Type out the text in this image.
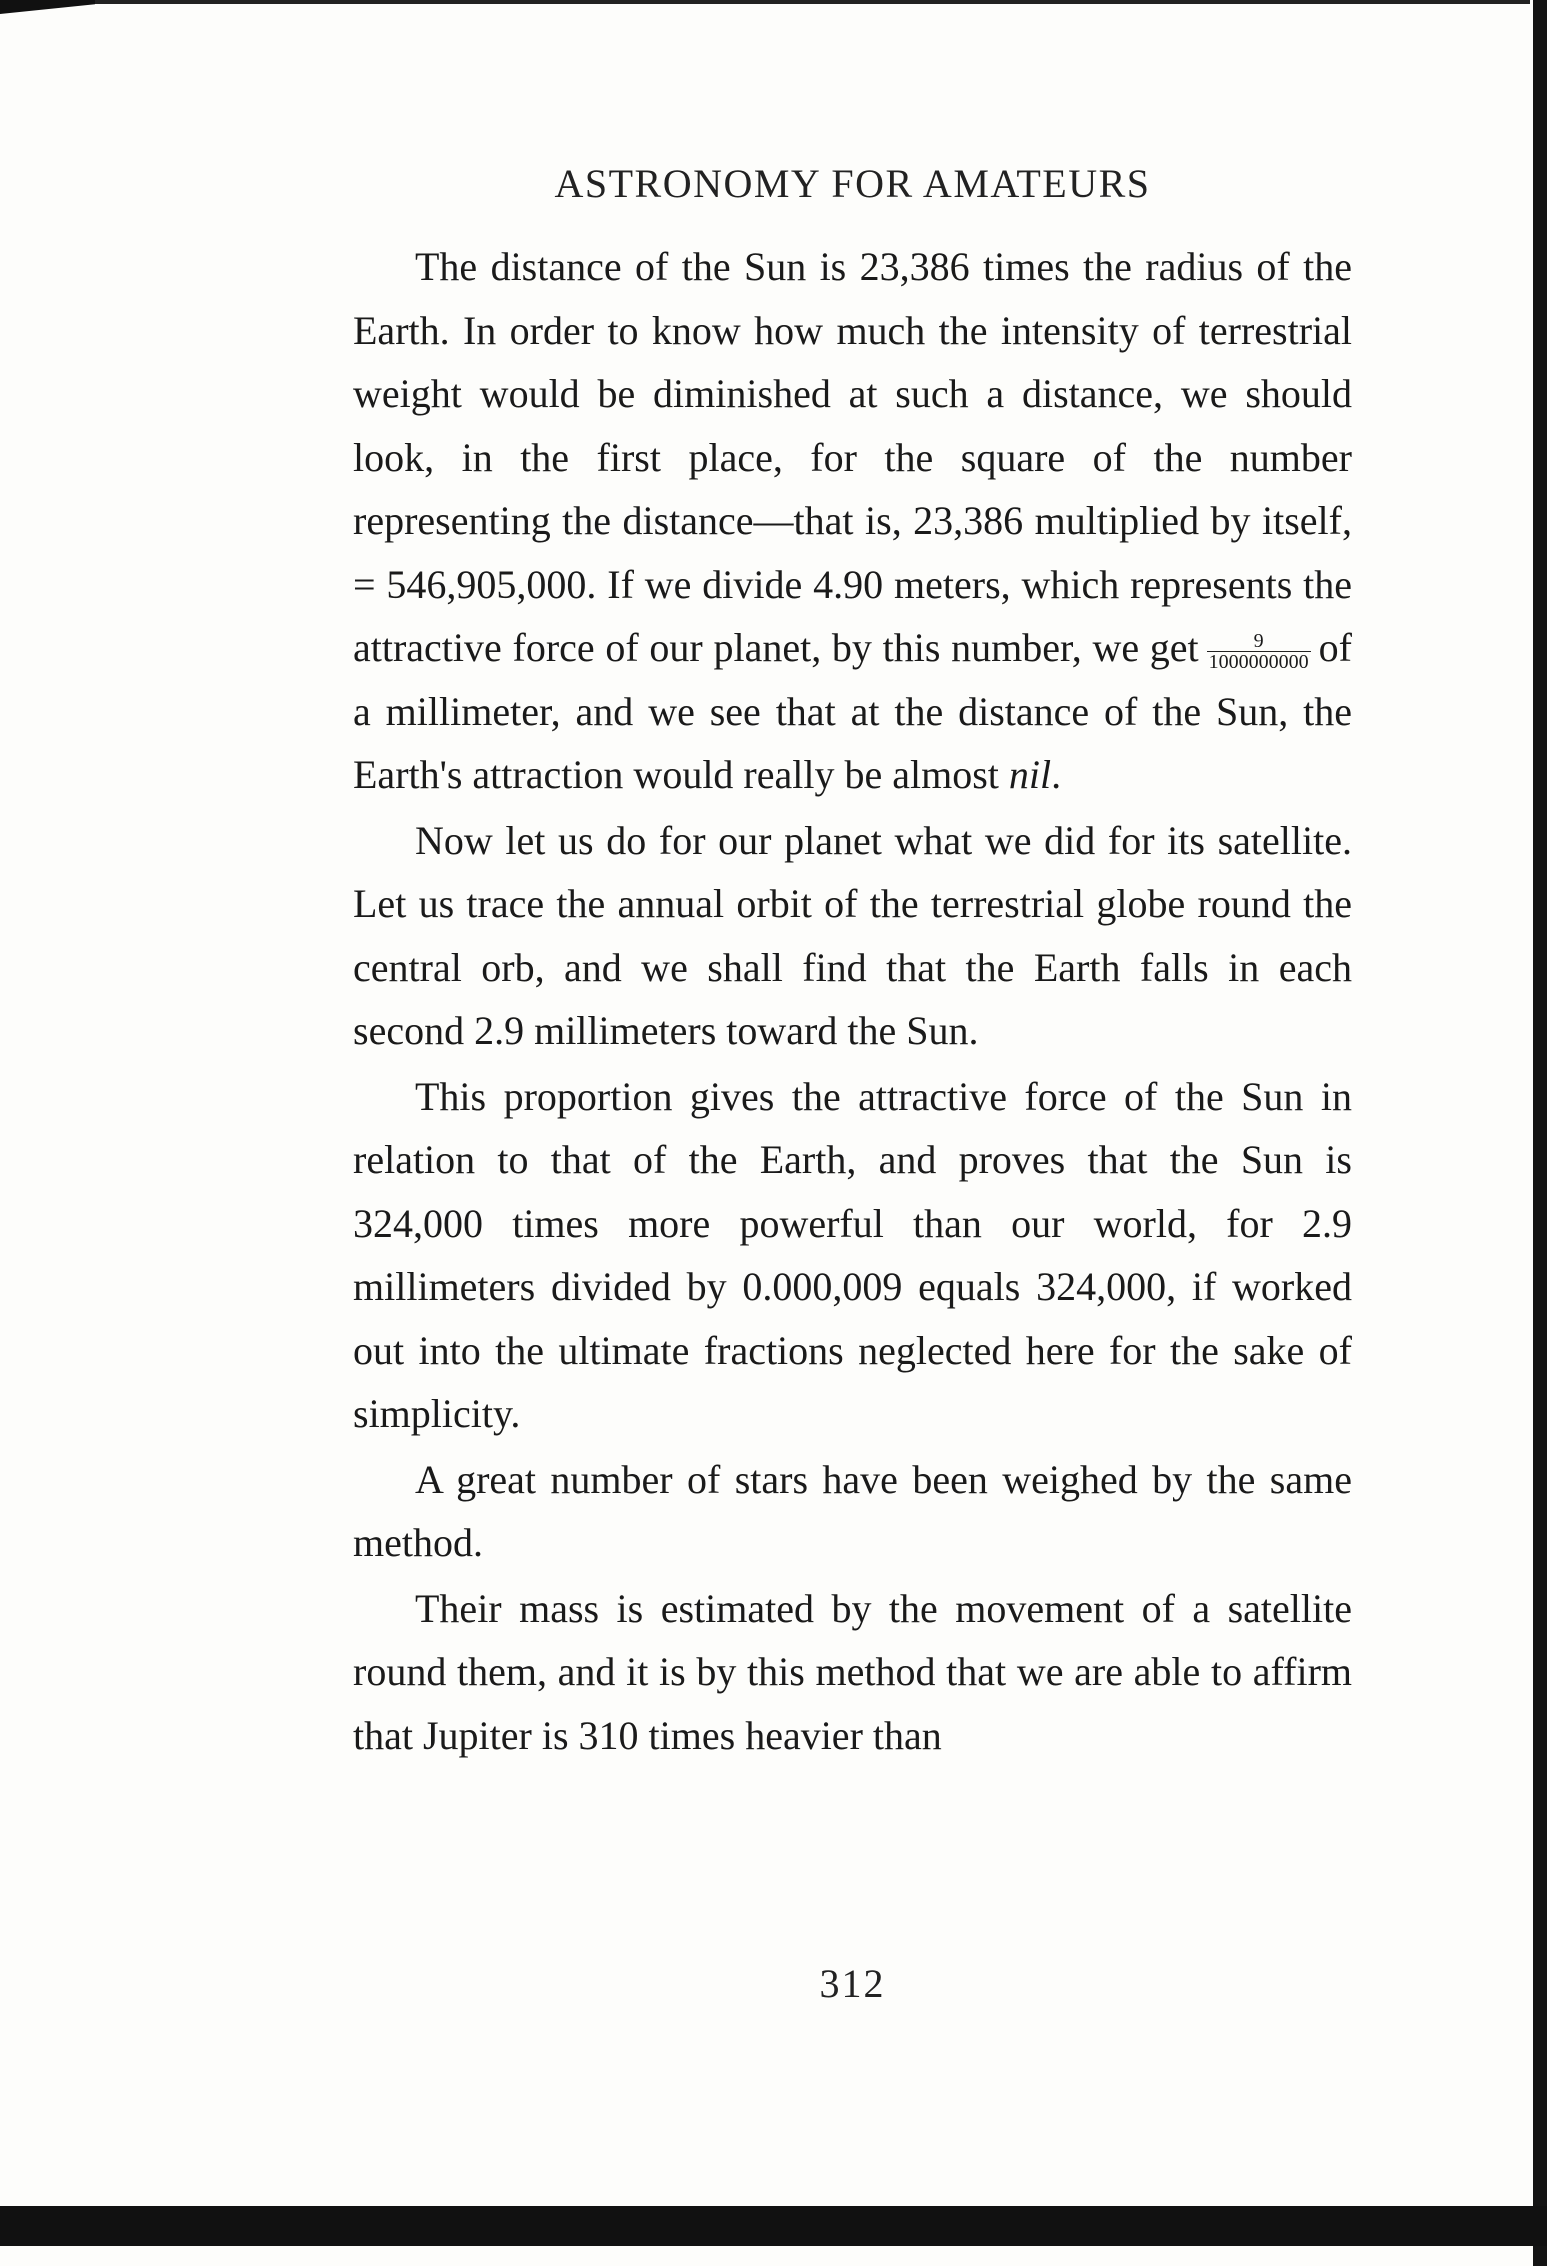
ASTRONOMY FOR AMATEURS

The distance of the Sun is 23,386 times the radius of the Earth. In order to know how much the intensity of terrestrial weight would be diminished at such a distance, we should look, in the first place, for the square of the number representing the distance—that is, 23,386 multiplied by itself, = 546,905,000. If we divide 4.90 meters, which represents the attractive force of our planet, by this number, we get $\frac{9}{1000000000}$ of a millimeter, and we see that at the distance of the Sun, the Earth's attraction would really be almost nil.

Now let us do for our planet what we did for its satellite. Let us trace the annual orbit of the terrestrial globe round the central orb, and we shall find that the Earth falls in each second 2.9 millimeters toward the Sun.

This proportion gives the attractive force of the Sun in relation to that of the Earth, and proves that the Sun is 324,000 times more powerful than our world, for 2.9 millimeters divided by 0.000,009 equals 324,000, if worked out into the ultimate fractions neglected here for the sake of simplicity.

A great number of stars have been weighed by the same method.

Their mass is estimated by the movement of a satellite round them, and it is by this method that we are able to affirm that Jupiter is 310 times heavier than

312
